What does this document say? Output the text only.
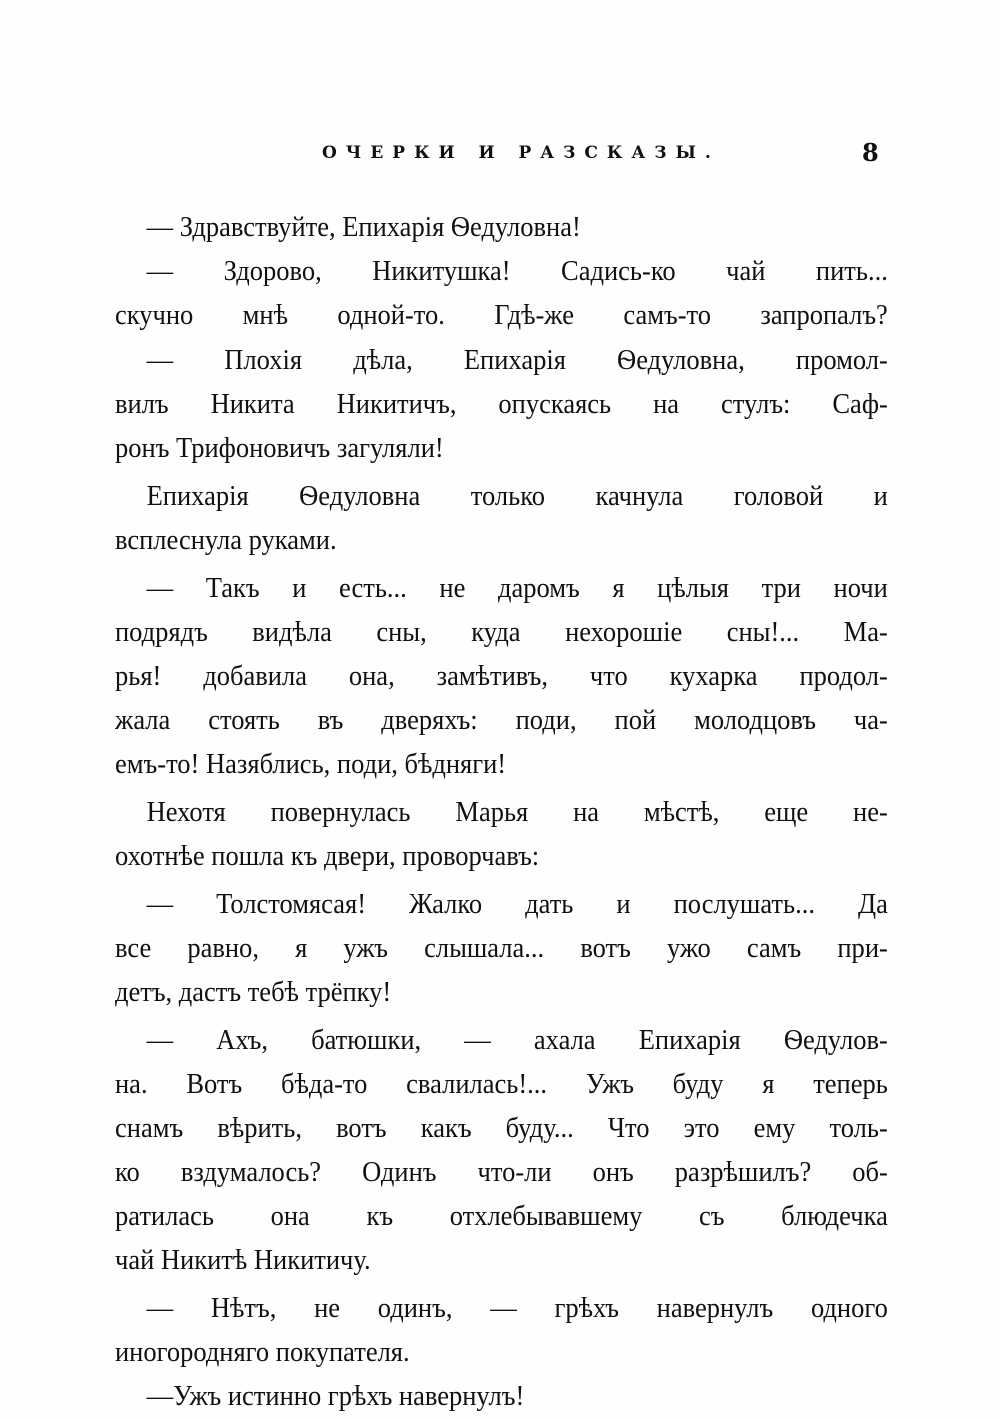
ОЧЕРКИ И РАЗСКАЗЫ.	8
— Здравствуйте, Епихарія Ѳедуловна!
— Здорово, Никитушка! Садись-ко чай пить...
скучно мнѣ одной-то. Гдѣ-же самъ-то запропалъ?
— Плохія дѣла, Епихарія Ѳедуловна, промол-
вилъ Никита Никитичъ, опускаясь на стулъ: Саф-
ронъ Трифоновичъ загуляли!
Епихарія Ѳедуловна только качнула головой и
всплеснула руками.
— Такъ и есть... не даромъ я цѣлыя три ночи
подрядъ видѣла сны, куда нехорошіе сны!... Ма-
рья! добавила она, замѣтивъ, что кухарка продол-
жала стоять въ дверяхъ: поди, пой молодцовъ ча-
емъ-то! Назяблись, поди, бѣдняги!
Нехотя повернулась Марья на мѣстѣ, еще не-
охотнѣе пошла къ двери, проворчавъ:
— Толстомясая! Жалко дать и послушать... Да
все равно, я ужъ слышала... вотъ ужо самъ при-
детъ, дастъ тебѣ трёпку!
— Ахъ, батюшки, — ахала Епихарія Ѳедулов-
на. Вотъ бѣда-то свалилась!... Ужъ буду я теперь
снамъ вѣрить, вотъ какъ буду... Что это ему толь-
ко вздумалось? Одинъ что-ли онъ разрѣшилъ? об-
ратилась она къ отхлебывавшему съ блюдечка
чай Никитѣ Никитичу.
— Нѣтъ, не одинъ, — грѣхъ навернулъ одного
иногородняго покупателя.
—Ужъ истинно грѣхъ навернулъ!
